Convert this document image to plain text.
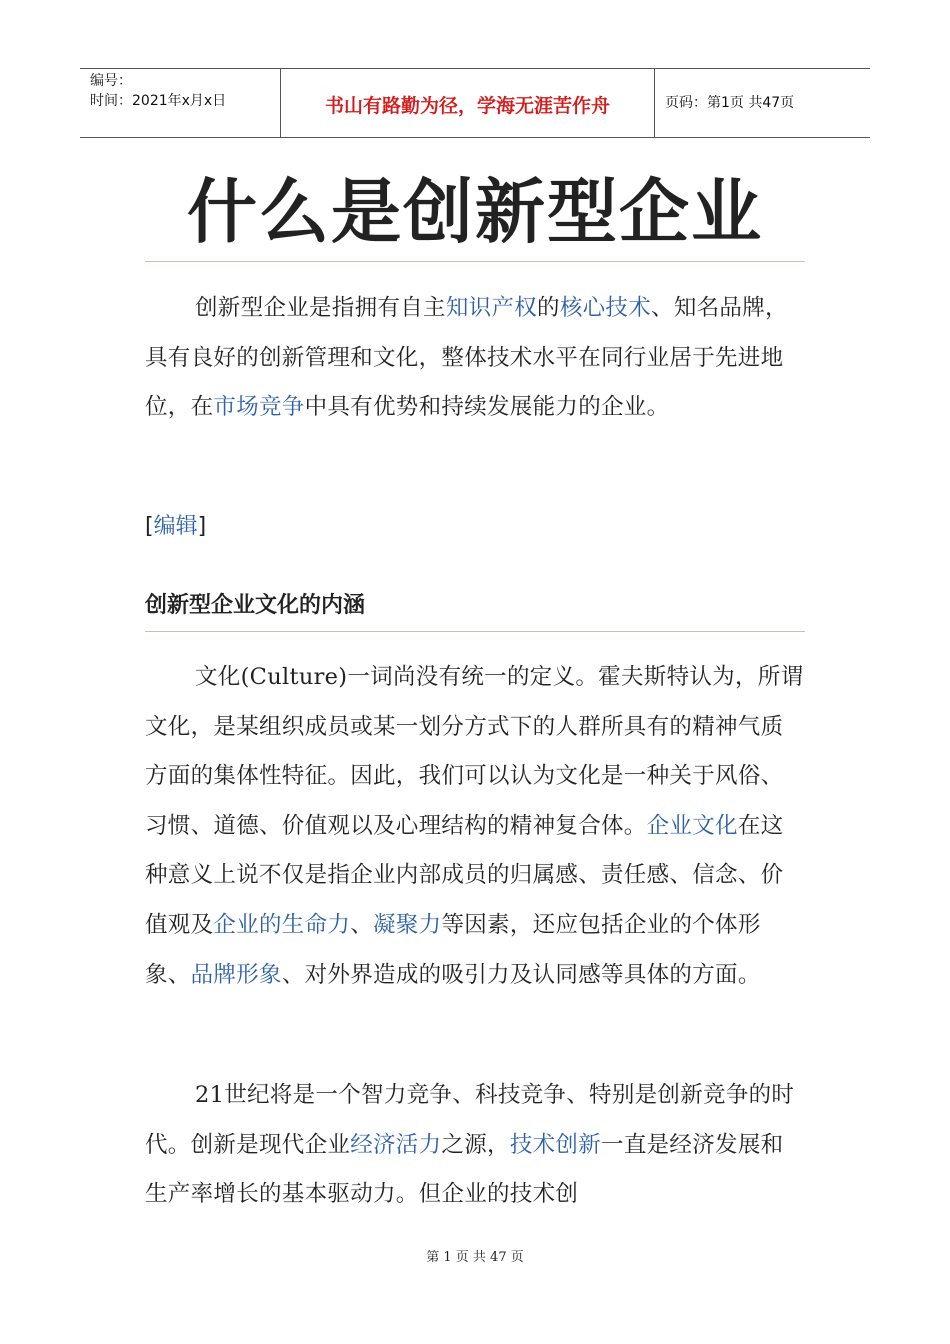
编号：
时间：2021年x月x日	书山有路勤为径，学海无涯苦作舟	页码：第1页 共47页
什么是创新型企业

创新型企业是指拥有自主知识产权的核心技术、知名品牌，具有良好的创新管理和文化，整体技术水平在同行业居于先进地位，在市场竞争中具有优势和持续发展能力的企业。

[编辑]
创新型企业文化的内涵

文化(Culture)一词尚没有统一的定义。霍夫斯特认为，所谓文化，是某组织成员或某一划分方式下的人群所具有的精神气质方面的集体性特征。因此，我们可以认为文化是一种关于风俗、习惯、道德、价值观以及心理结构的精神复合体。企业文化在这种意义上说不仅是指企业内部成员的归属感、责任感、信念、价值观及企业的生命力、凝聚力等因素，还应包括企业的个体形象、品牌形象、对外界造成的吸引力及认同感等具体的方面。

21世纪将是一个智力竞争、科技竞争、特别是创新竞争的时代。创新是现代企业经济活力之源，技术创新一直是经济发展和生产率增长的基本驱动力。但企业的技术创

第 1 页 共 47 页
